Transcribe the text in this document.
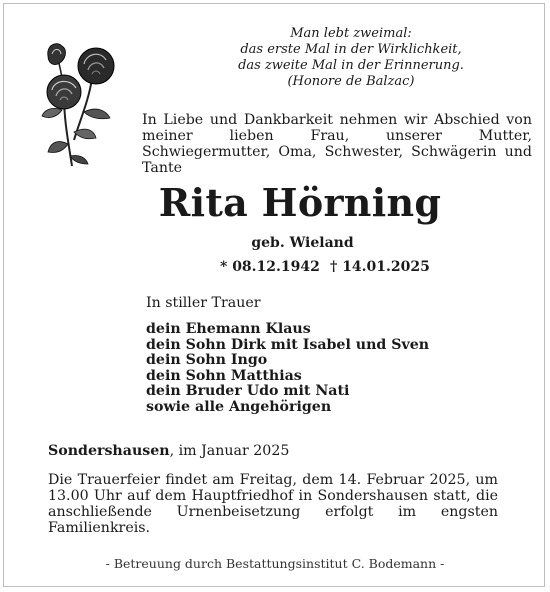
Man lebt zweimal:
das erste Mal in der Wirklichkeit,
das zweite Mal in der Erinnerung.
(Honore de Balzac)
In Liebe und Dankbarkeit nehmen wir Abschied von meiner lieben Frau, unserer Mutter, Schwiegermutter, Oma, Schwester, Schwägerin und Tante
Rita Hörning
geb. Wieland
* 08.12.1942 † 14.01.2025
In stiller Trauer
dein Ehemann Klaus
dein Sohn Dirk mit Isabel und Sven
dein Sohn Ingo
dein Sohn Matthias
dein Bruder Udo mit Nati
sowie alle Angehörigen
Sondershausen, im Januar 2025
Die Trauerfeier findet am Freitag, dem 14. Februar 2025, um 13.00 Uhr auf dem Hauptfriedhof in Sondershausen statt, die anschließende Urnenbeisetzung erfolgt im engsten Familienkreis.
- Betreuung durch Bestattungsinstitut C. Bodemann -
